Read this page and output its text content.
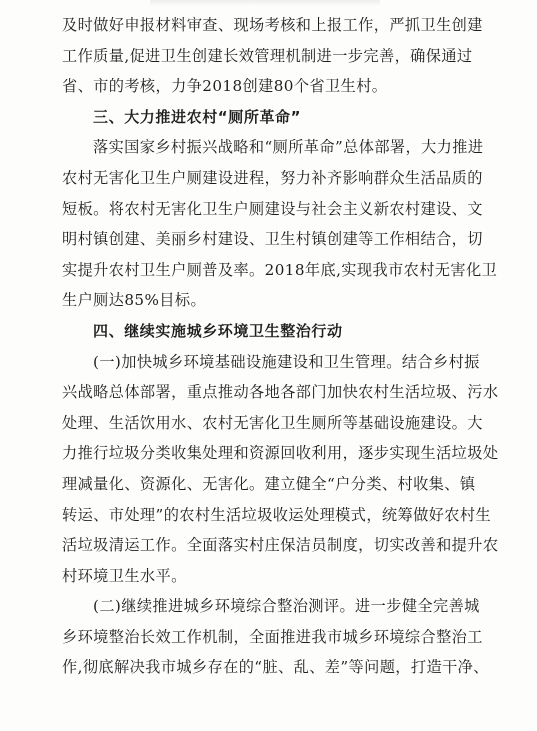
及时做好申报材料审查、现场考核和上报工作，严抓卫生创建
工作质量,促进卫生创建长效管理机制进一步完善，确保通过
省、市的考核，力争2018创建80个省卫生村。
三、大力推进农村“厕所革命”
落实国家乡村振兴战略和“厕所革命”总体部署，大力推进
农村无害化卫生户厕建设进程，努力补齐影响群众生活品质的
短板。将农村无害化卫生户厕建设与社会主义新农村建设、文
明村镇创建、美丽乡村建设、卫生村镇创建等工作相结合，切
实提升农村卫生户厕普及率。2018年底,实现我市农村无害化卫
生户厕达85%目标。
四、继续实施城乡环境卫生整治行动
(一)加快城乡环境基础设施建设和卫生管理。结合乡村振
兴战略总体部署，重点推动各地各部门加快农村生活垃圾、污水
处理、生活饮用水、农村无害化卫生厕所等基础设施建设。大
力推行垃圾分类收集处理和资源回收利用，逐步实现生活垃圾处
理减量化、资源化、无害化。建立健全“户分类、村收集、镇
转运、市处理”的农村生活垃圾收运处理模式，统筹做好农村生
活垃圾清运工作。全面落实村庄保洁员制度，切实改善和提升农
村环境卫生水平。
(二)继续推进城乡环境综合整治测评。进一步健全完善城
乡环境整治长效工作机制，全面推进我市城乡环境综合整治工
作,彻底解决我市城乡存在的“脏、乱、差”等问题，打造干净、
